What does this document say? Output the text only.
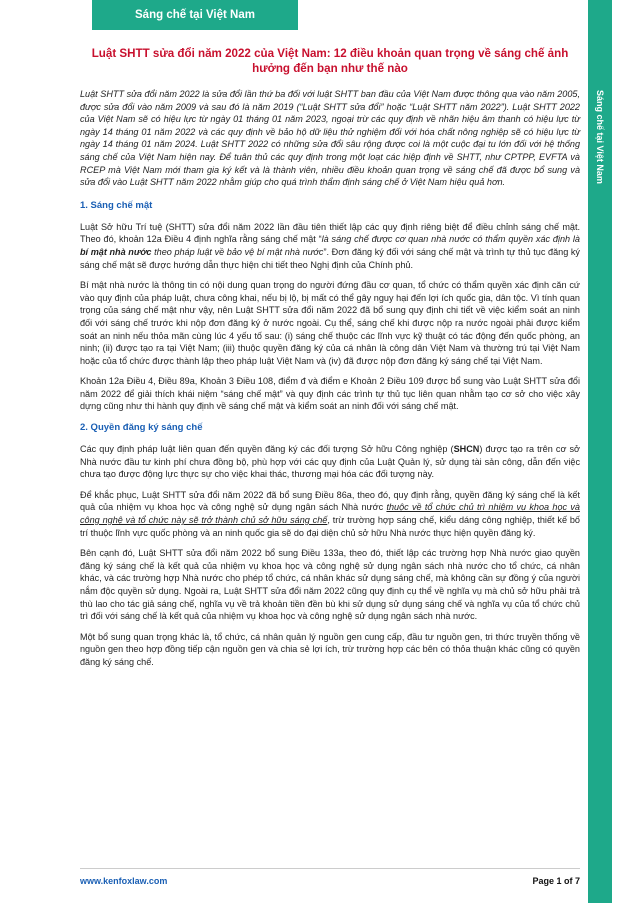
Sáng chế tại Việt Nam
Sáng chế tại Việt Nam
Luật SHTT sửa đổi năm 2022 của Việt Nam: 12 điều khoản quan trọng về sáng chế ảnh hưởng đến bạn như thế nào

Luật SHTT sửa đổi năm 2022 là sửa đổi lần thứ ba đối với luật SHTT ban đầu của Việt Nam được thông qua vào năm 2005, được sửa đổi vào năm 2009 và sau đó là năm 2019 (“Luật SHTT sửa đổi” hoặc “Luật SHTT năm 2022”). Luật SHTT 2022 của Việt Nam sẽ có hiệu lực từ ngày 01 tháng 01 năm 2023, ngoại trừ các quy định về nhãn hiệu âm thanh có hiệu lực từ ngày 14 tháng 01 năm 2022 và các quy định về bảo hộ dữ liệu thử nghiệm đối với hóa chất nông nghiệp sẽ có hiệu lực từ ngày 14 tháng 01 năm 2024. Luật SHTT 2022 có những sửa đổi sâu rộng được coi là một cuộc đại tu lớn đối với hệ thống sáng chế của Việt Nam hiện nay. Để tuân thủ các quy định trong một loạt các hiệp định về SHTT, như CPTPP, EVFTA và RCEP mà Việt Nam mới tham gia ký kết và là thành viên, nhiều điều khoản quan trọng về sáng chế đã được bổ sung và sửa đổi vào Luật SHTT năm 2022 nhằm giúp cho quá trình thẩm định sáng chế ở Việt Nam hiệu quả hơn.

1. Sáng chế mật

Luật Sở hữu Trí tuệ (SHTT) sửa đổi năm 2022 lần đầu tiên thiết lập các quy định riêng biệt để điều chỉnh sáng chế mật. Theo đó, khoản 12a Điều 4 định nghĩa rằng sáng chế mật “là sáng chế được cơ quan nhà nước có thẩm quyền xác định là bí mật nhà nước theo pháp luật về bảo vệ bí mật nhà nước”. Đơn đăng ký đối với sáng chế mật và trình tự thủ tục đăng ký sáng chế mật sẽ được hướng dẫn thực hiện chi tiết theo Nghị định của Chính phủ.

Bí mật nhà nước là thông tin có nội dung quan trọng do người đứng đầu cơ quan, tổ chức có thẩm quyền xác định căn cứ vào quy định của pháp luật, chưa công khai, nếu bị lộ, bị mất có thể gây nguy hại đến lợi ích quốc gia, dân tộc. Vì tính quan trọng của sáng chế mật như vậy, nên Luật SHTT sửa đổi năm 2022 đã bổ sung quy định chi tiết về việc kiểm soát an ninh đối với sáng chế trước khi nộp đơn đăng ký ở nước ngoài. Cụ thể, sáng chế khi được nộp ra nước ngoài phải được kiểm soát an ninh nếu thỏa mãn cùng lúc 4 yếu tố sau: (i) sáng chế thuộc các lĩnh vực kỹ thuật có tác động đến quốc phòng, an ninh; (ii) được tạo ra tại Việt Nam; (iii) thuộc quyền đăng ký của cá nhân là công dân Việt Nam và thường trú tại Việt Nam hoặc của tổ chức được thành lập theo pháp luật Việt Nam và (iv) đã được nộp đơn đăng ký sáng chế tại Việt Nam.

Khoản 12a Điều 4, Điều 89a, Khoản 3 Điều 108, điểm đ và điểm e Khoản 2 Điều 109 được bổ sung vào Luật SHTT sửa đổi năm 2022 để giải thích khái niệm “sáng chế mật” và quy định các trình tự thủ tục liên quan nhằm tạo cơ sở cho việc xây dựng cũng như thi hành quy định về sáng chế mật và kiểm soát an ninh đối với sáng chế mật.

2. Quyền đăng ký sáng chế

Các quy định pháp luật liên quan đến quyền đăng ký các đối tượng Sở hữu Công nghiệp (SHCN) được tạo ra trên cơ sở Nhà nước đầu tư kinh phí chưa đồng bộ, phù hợp với các quy định của Luật Quản lý, sử dụng tài sản công, dẫn đến việc chưa tạo được động lực thực sự cho việc khai thác, thương mại hóa các đối tượng này.

Để khắc phục, Luật SHTT sửa đổi năm 2022 đã bổ sung Điều 86a, theo đó, quy định rằng, quyền đăng ký sáng chế là kết quả của nhiệm vụ khoa học và công nghệ sử dụng ngân sách Nhà nước thuộc về tổ chức chủ trì nhiệm vụ khoa học và công nghệ và tổ chức này sẽ trở thành chủ sở hữu sáng chế, trừ trường hợp sáng chế, kiểu dáng công nghiệp, thiết kế bố trí thuộc lĩnh vực quốc phòng và an ninh quốc gia sẽ do đại diện chủ sở hữu Nhà nước thực hiện quyền đăng ký.

Bên cạnh đó, Luật SHTT sửa đổi năm 2022 bổ sung Điều 133a, theo đó, thiết lập các trường hợp Nhà nước giao quyền đăng ký sáng chế là kết quả của nhiệm vụ khoa học và công nghệ sử dụng ngân sách nhà nước cho tổ chức, cá nhân khác, và các trường hợp Nhà nước cho phép tổ chức, cá nhân khác sử dụng sáng chế, mà không cần sự đồng ý của người nắm độc quyền sử dụng. Ngoài ra, Luật SHTT sửa đổi năm 2022 cũng quy định cụ thể về nghĩa vụ mà chủ sở hữu phải trả thù lao cho tác giả sáng chế, nghĩa vụ về trả khoản tiền đền bù khi sử dụng sử dụng sáng chế và nghĩa vụ của tổ chức chủ trì đối với sáng chế là kết quả của nhiệm vụ khoa học và công nghệ sử dụng ngân sách nhà nước.

Một bổ sung quan trọng khác là, tổ chức, cá nhân quản lý nguồn gen cung cấp, đầu tư nguồn gen, tri thức truyền thống về nguồn gen theo hợp đồng tiếp cận nguồn gen và chia sẻ lợi ích, trừ trường hợp các bên có thỏa thuận khác cũng có quyền đăng ký sáng chế.

www.kenfoxlaw.com	Page 1 of 7
